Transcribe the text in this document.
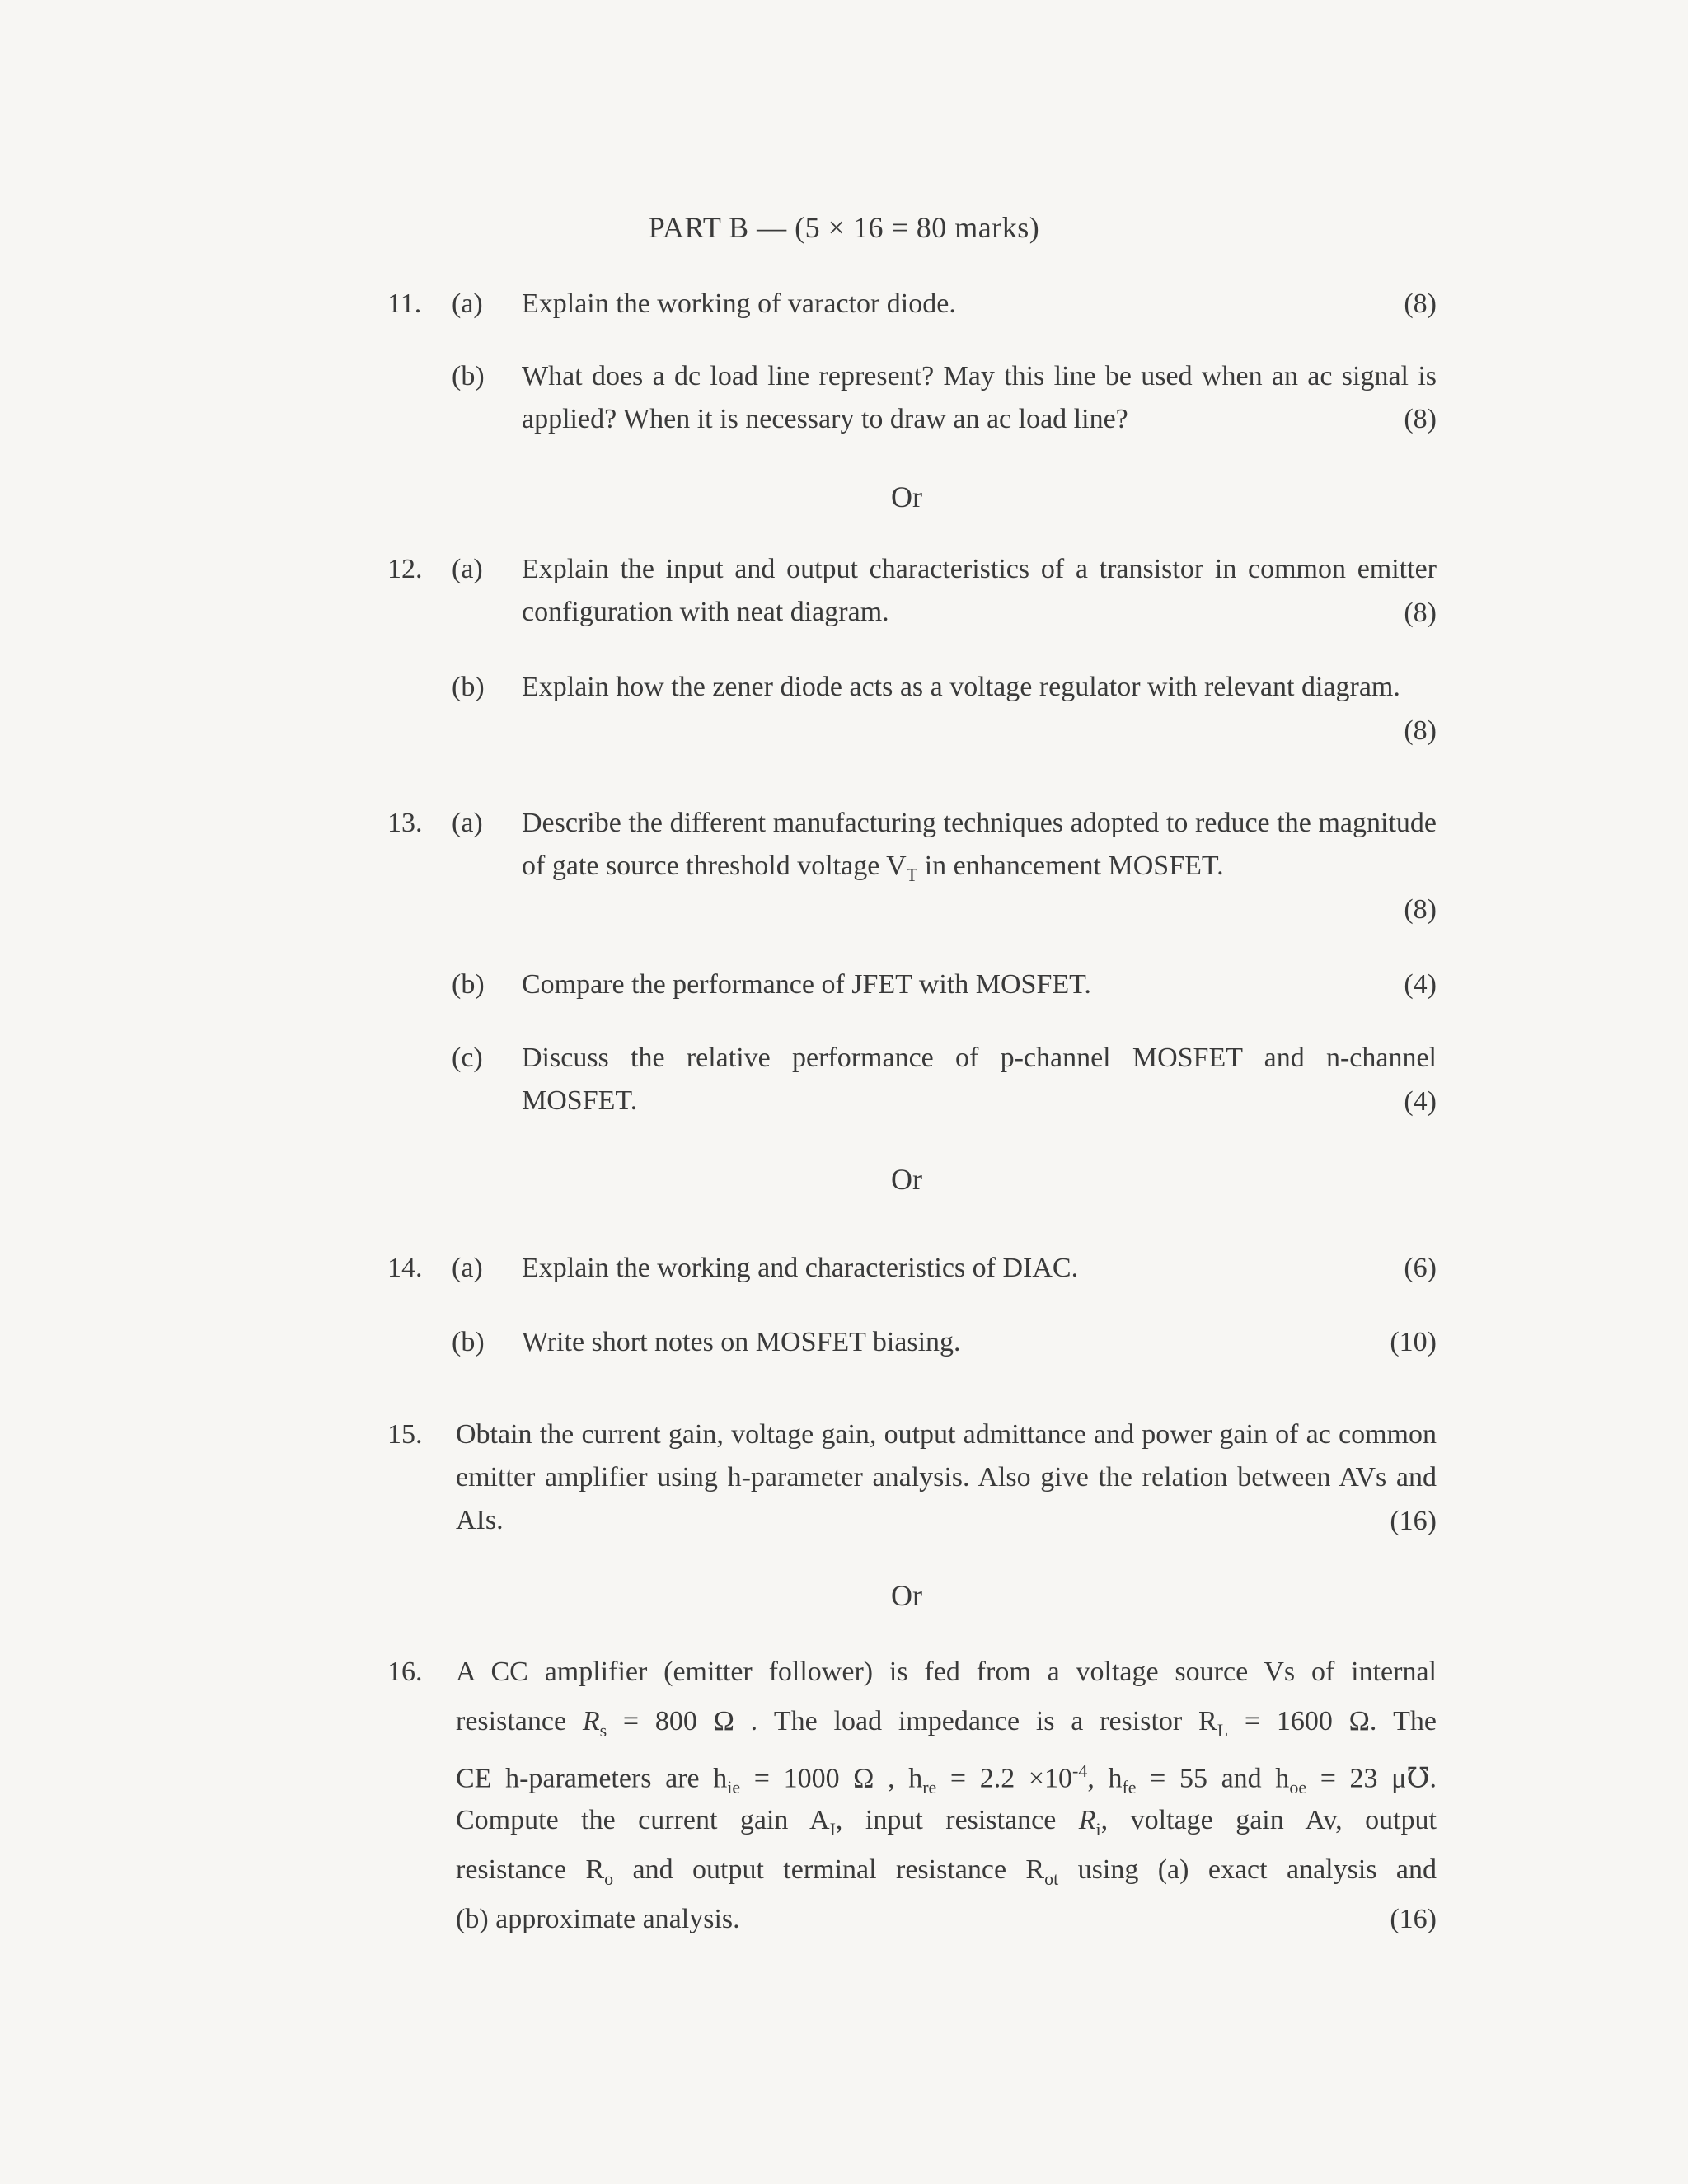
PART B — (5 × 16 = 80 marks)
11. (a) Explain the working of varactor diode.	(8)
(b) What does a dc load line represent? May this line be used when an ac signal is applied? When it is necessary to draw an ac load line?	(8)
Or
12. (a) Explain the input and output characteristics of a transistor in common emitter configuration with neat diagram.	(8)
(b) Explain how the zener diode acts as a voltage regulator with relevant diagram.
(8)
13. (a) Describe the different manufacturing techniques adopted to reduce the magnitude of gate source threshold voltage $V_T$ in enhancement MOSFET.
(8)
(b) Compare the performance of JFET with MOSFET.	(4)
(c) Discuss the relative performance of p-channel MOSFET and n-channel MOSFET.	(4)
Or
14. (a) Explain the working and characteristics of DIAC.	(6)
(b) Write short notes on MOSFET biasing.	(10)
15. Obtain the current gain, voltage gain, output admittance and power gain of ac common emitter amplifier using h-parameter analysis. Also give the relation between AVs and AIs.	(16)
Or
16. A CC amplifier (emitter follower) is fed from a voltage source Vs of internal
resistance $R_s = 800$ Ω . The load impedance is a resistor $R_L = 1600$ Ω. The
CE h-parameters are $h_{ie} = 1000$ Ω , $h_{re} = 2.2 \times 10^{-4}$, $h_{fe} = 55$ and $h_{oe} = 23$ μ℧.
Compute the current gain $A_I$, input resistance $R_i$, voltage gain Av, output
resistance $R_o$ and output terminal resistance $R_{ot}$ using (a) exact analysis and
(b) approximate analysis.	(16)
